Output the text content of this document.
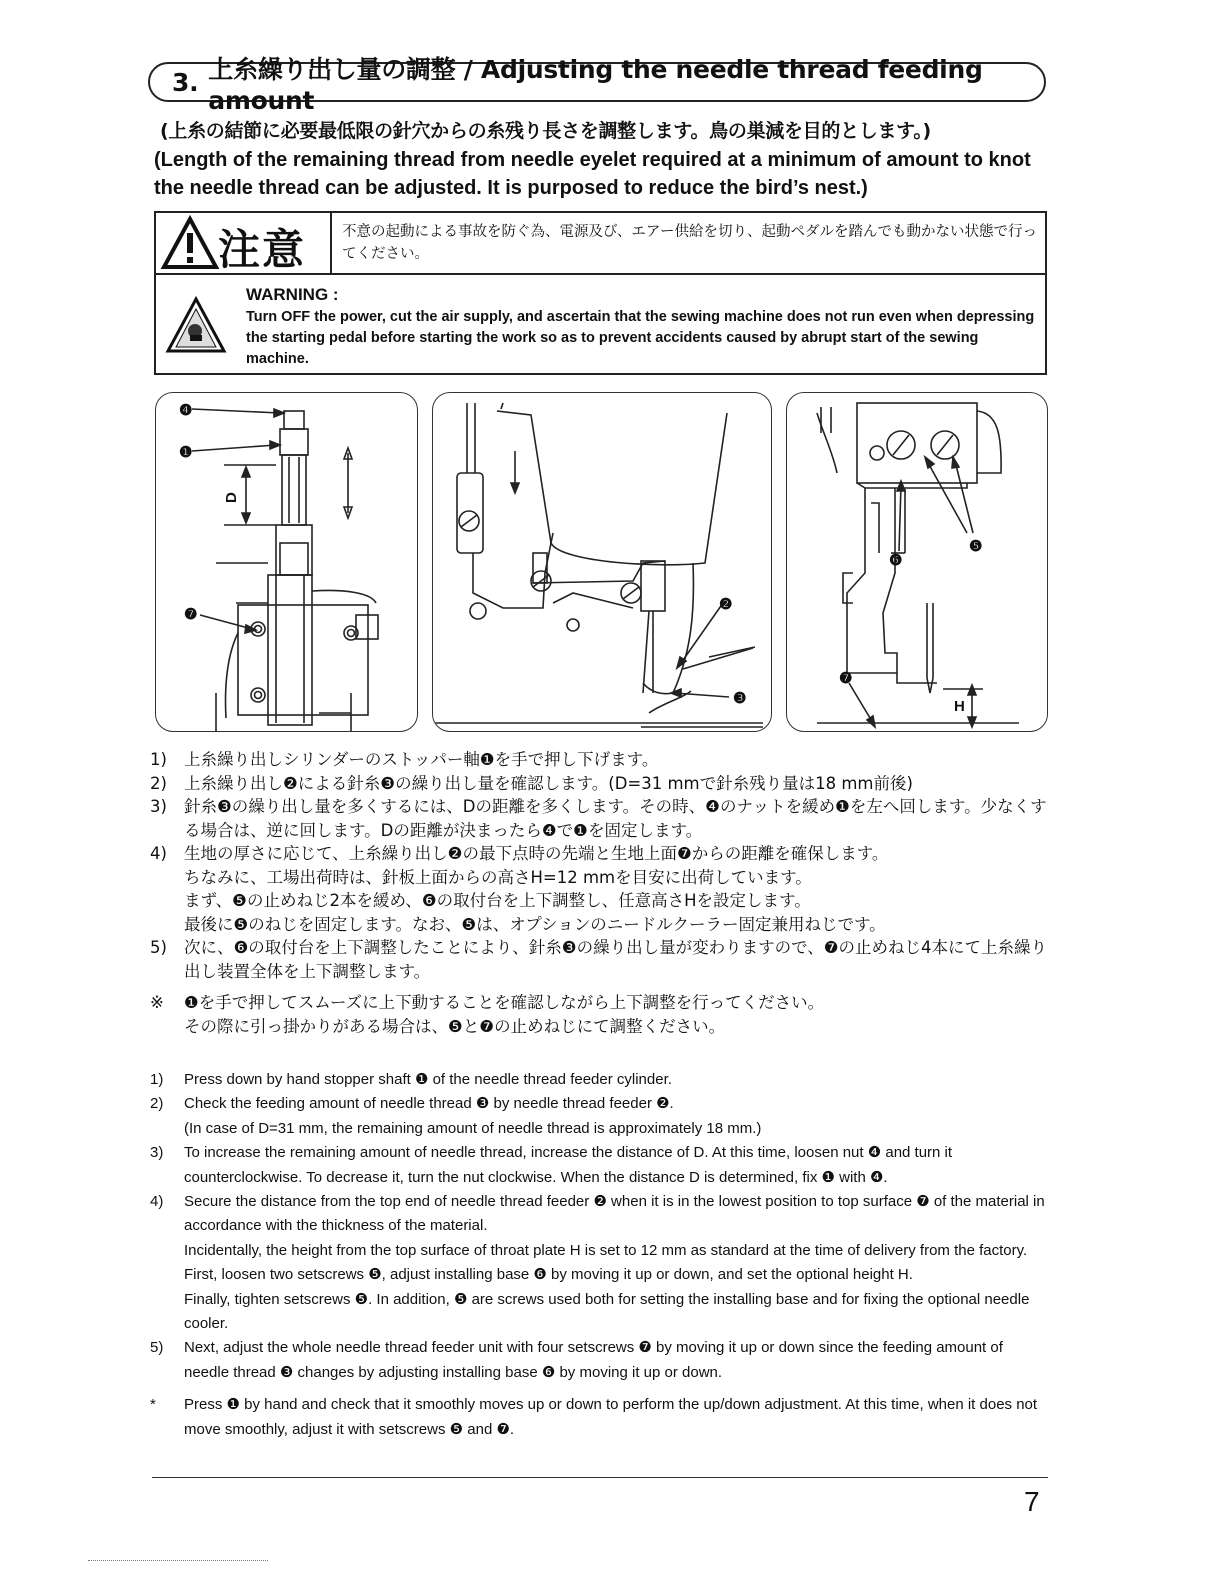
3. 上糸繰り出し量の調整 / Adjusting the needle thread feeding amount
(上糸の結節に必要最低限の針穴からの糸残り長さを調整します。鳥の巣減を目的とします。)
(Length of the remaining thread from needle eyelet required at a minimum of amount to knot the needle thread can be adjusted. It is purposed to reduce the bird’s nest.)
注意 不意の起動による事故を防ぐ為、電源及び、エアー供給を切り、起動ペダルを踏んでも動かない状態で行ってください。
WARNING :
Turn OFF the power, cut the air supply, and ascertain that the sewing machine does not run even when depressing the starting pedal before starting the work so as to prevent accidents caused by abrupt start of the sewing machine.
❹
❶
D
❼
❷
❸
❺
❻
❼
H
1)	上糸繰り出しシリンダーのストッパー軸❶を手で押し下げます。
2)	上糸繰り出し❷による針糸❸の繰り出し量を確認します。(D=31 mmで針糸残り量は18 mm前後)
3)	針糸❸の繰り出し量を多くするには、Dの距離を多くします。その時、❹のナットを緩め❶を左へ回します。少なくする場合は、逆に回します。Dの距離が決まったら❹で❶を固定します。
4)	生地の厚さに応じて、上糸繰り出し❷の最下点時の先端と生地上面❼からの距離を確保します。
ちなみに、工場出荷時は、針板上面からの高さH=12 mmを目安に出荷しています。
まず、❺の止めねじ2本を緩め、❻の取付台を上下調整し、任意高さHを設定します。
最後に❺のねじを固定します。なお、❺は、オプションのニードルクーラー固定兼用ねじです。
5)	次に、❻の取付台を上下調整したことにより、針糸❸の繰り出し量が変わりますので、❼の止めねじ4本にて上糸繰り出し装置全体を上下調整します。
※	❶を手で押してスムーズに上下動することを確認しながら上下調整を行ってください。
その際に引っ掛かりがある場合は、❺と❼の止めねじにて調整ください。
1)	Press down by hand stopper shaft ❶ of the needle thread feeder cylinder.
2)	Check the feeding amount of needle thread ❸ by needle thread feeder ❷.
(In case of D=31 mm, the remaining amount of needle thread is approximately 18 mm.)
3)	To increase the remaining amount of needle thread, increase the distance of D. At this time, loosen nut ❹ and turn it counterclockwise. To decrease it, turn the nut clockwise. When the distance D is determined, fix ❶ with ❹.
4)	Secure the distance from the top end of needle thread feeder ❷ when it is in the lowest position to top surface ❼ of the material in accordance with the thickness of the material.
Incidentally, the height from the top surface of throat plate H is set to 12 mm as standard at the time of delivery from the factory.
First, loosen two setscrews ❺, adjust installing base ❻ by moving it up or down, and set the optional height H.
Finally, tighten setscrews ❺. In addition, ❺ are screws used both for setting the installing base and for fixing the optional needle cooler.
5)	Next, adjust the whole needle thread feeder unit with four setscrews ❼ by moving it up or down since the feeding amount of needle thread ❸ changes by adjusting installing base ❻ by moving it up or down.
*	Press ❶ by hand and check that it smoothly moves up or down to perform the up/down adjustment. At this time, when it does not move smoothly, adjust it with setscrews ❺ and ❼.
7
